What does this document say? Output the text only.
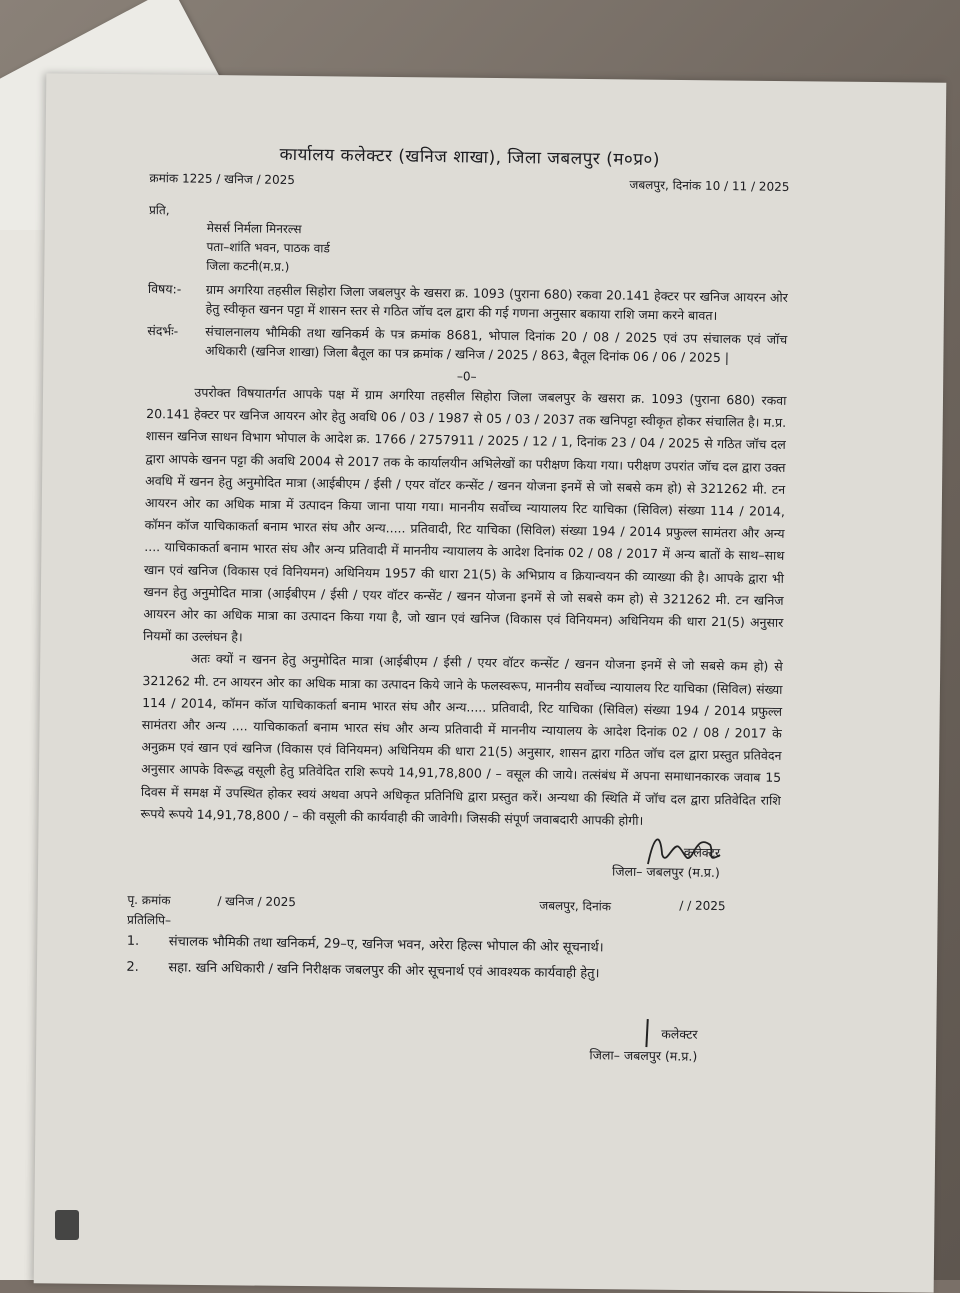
कार्यालय कलेक्टर (खनिज शाखा), जिला जबलपुर (म०प्र०)
क्रमांक 1225 / खनिज / 2025	जबलपुर, दिनांक 10 / 11 / 2025
प्रति,
मेसर्स निर्मला मिनरल्स
पता–शांति भवन, पाठक वार्ड
जिला कटनी(म.प्र.)
विषय:-	ग्राम अगरिया तहसील सिहोरा जिला जबलपुर के खसरा क्र. 1093 (पुराना 680) रकवा 20.141 हेक्टर पर खनिज आयरन ओर हेतु स्वीकृत खनन पट्टा में शासन स्तर से गठित जॉच दल द्वारा की गई गणना अनुसार बकाया राशि जमा करने बावत।
संदर्भः-	संचालनालय भौमिकी तथा खनिकर्म के पत्र क्रमांक 8681, भोपाल दिनांक 20 / 08 / 2025 एवं उप संचालक एवं जॉच अधिकारी (खनिज शाखा) जिला बैतूल का पत्र क्रमांक / खनिज / 2025 / 863, बैतूल दिनांक 06 / 06 / 2025 |
–0–

उपरोक्त विषयातर्गत आपके पक्ष में ग्राम अगरिया तहसील सिहोरा जिला जबलपुर के खसरा क्र. 1093 (पुराना 680) रकवा 20.141 हेक्टर पर खनिज आयरन ओर हेतु अवधि 06 / 03 / 1987 से 05 / 03 / 2037 तक खनिपट्टा स्वीकृत होकर संचालित है। म.प्र. शासन खनिज साधन विभाग भोपाल के आदेश क्र. 1766 / 2757911 / 2025 / 12 / 1, दिनांक 23 / 04 / 2025 से गठित जॉच दल द्वारा आपके खनन पट्टा की अवधि 2004 से 2017 तक के कार्यालयीन अभिलेखों का परीक्षण किया गया। परीक्षण उपरांत जॉच दल द्वारा उक्त अवधि में खनन हेतु अनुमोदित मात्रा (आईबीएम / ईसी / एयर वॉटर कन्सेंट / खनन योजना इनमें से जो सबसे कम हो) से 321262 मी. टन आयरन ओर का अधिक मात्रा में उत्पादन किया जाना पाया गया। माननीय सर्वोच्च न्यायालय रिट याचिका (सिविल) संख्या 114 / 2014, कॉमन कॉज याचिकाकर्ता बनाम भारत संघ और अन्य..... प्रतिवादी, रिट याचिका (सिविल) संख्या 194 / 2014 प्रफुल्ल सामंतरा और अन्य .... याचिकाकर्ता बनाम भारत संघ और अन्य प्रतिवादी में माननीय न्यायालय के आदेश दिनांक 02 / 08 / 2017 में अन्य बातों के साथ–साथ खान एवं खनिज (विकास एवं विनियमन) अधिनियम 1957 की धारा 21(5) के अभिप्राय व क्रियान्वयन की व्याख्या की है। आपके द्वारा भी खनन हेतु अनुमोदित मात्रा (आईबीएम / ईसी / एयर वॉटर कन्सेंट / खनन योजना इनमें से जो सबसे कम हो) से 321262 मी. टन खनिज आयरन ओर का अधिक मात्रा का उत्पादन किया गया है, जो खान एवं खनिज (विकास एवं विनियमन) अधिनियम की धारा 21(5) अनुसार नियमों का उल्लंघन है।

अतः क्यों न खनन हेतु अनुमोदित मात्रा (आईबीएम / ईसी / एयर वॉटर कन्सेंट / खनन योजना इनमें से जो सबसे कम हो) से 321262 मी. टन आयरन ओर का अधिक मात्रा का उत्पादन किये जाने के फलस्वरूप, माननीय सर्वोच्च न्यायालय रिट याचिका (सिविल) संख्या 114 / 2014, कॉमन कॉज याचिकाकर्ता बनाम भारत संघ और अन्य..... प्रतिवादी, रिट याचिका (सिविल) संख्या 194 / 2014 प्रफुल्ल सामंतरा और अन्य .... याचिकाकर्ता बनाम भारत संघ और अन्य प्रतिवादी में माननीय न्यायालय के आदेश दिनांक 02 / 08 / 2017 के अनुक्रम एवं खान एवं खनिज (विकास एवं विनियमन) अधिनियम की धारा 21(5) अनुसार, शासन द्वारा गठित जॉच दल द्वारा प्रस्तुत प्रतिवेदन अनुसार आपके विरूद्ध वसूली हेतु प्रतिवेदित राशि रूपये 14,91,78,800 / – वसूल की जाये। तत्संबंध में अपना समाधानकारक जवाब 15 दिवस में समक्ष में उपस्थित होकर स्वयं अथवा अपने अधिकृत प्रतिनिधि द्वारा प्रस्तुत करें। अन्यथा की स्थिति में जॉच दल द्वारा प्रतिवेदित राशि रूपये रूपये 14,91,78,800 / – की वसूली की कार्यवाही की जावेगी। जिसकी संपूर्ण जवाबदारी आपकी होगी।

कलेक्टर
जिला– जबलपुर (म.प्र.)
पृ. क्रमांक	/ खनिज / 2025	जबलपुर, दिनांक	/ / 2025
प्रतिलिपि–
1.	संचालक भौमिकी तथा खनिकर्म, 29–ए, खनिज भवन, अरेरा हिल्स भोपाल की ओर सूचनार्थ।
2.	सहा. खनि अधिकारी / खनि निरीक्षक जबलपुर की ओर सूचनार्थ एवं आवश्यक कार्यवाही हेतु।
कलेक्टर
जिला– जबलपुर (म.प्र.)
